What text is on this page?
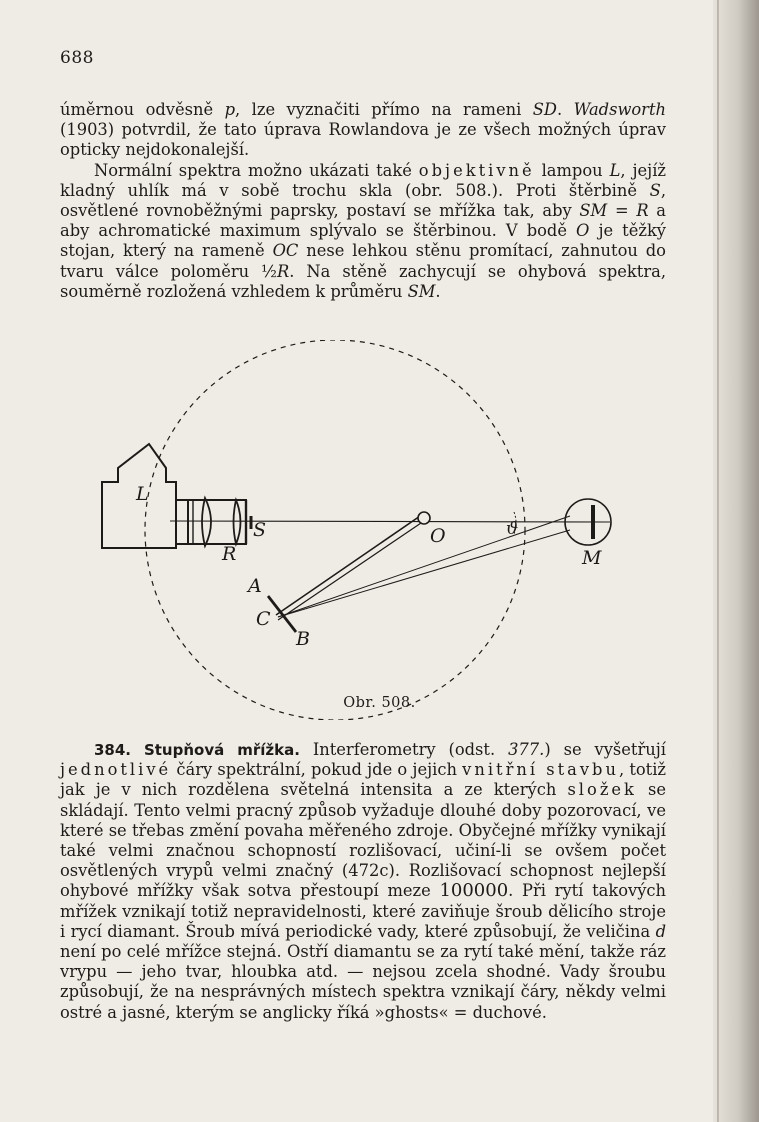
688

úměrnou odvěsně p, lze vyznačiti přímo na rameni SD. Wadsworth (1903) potvrdil, že tato úprava Rowlandova je ze všech možných úprav opticky nejdokonalejší.

Normální spektra možno ukázati také objektivně lampou L, jejíž kladný uhlík má v sobě trochu skla (obr. 508.). Proti štěrbině S, osvětlené rovnoběžnými paprsky, postaví se mřížka tak, aby SM = R a aby achromatické maximum splývalo se štěrbinou. V bodě O je těžký stojan, který na rameně OC nese lehkou stěnu promítací, zahnutou do tvaru válce poloměru ½R. Na stěně zachycují se ohybová spektra, souměrně rozložená vzhledem k průměru SM.

L
S
R
O
A
C
B
ϑ
M
Obr. 508.

384. Stupňová mřížka. Interferometry (odst. 377.) se vyšetřují jednotlivé čáry spektrální, pokud jde o jejich vnitřní stavbu, totiž jak je v nich rozdělena světelná intensita a ze kterých složek se skládají. Tento velmi pracný způsob vyžaduje dlouhé doby pozorovací, ve které se třebas změní povaha měřeného zdroje. Obyčejné mřížky vynikají také velmi značnou schopností rozlišovací, učiní-li se ovšem počet osvětlených vrypů velmi značný (472c). Rozlišovací schopnost nejlepší ohybové mřížky však sotva přestoupí meze 100000. Při rytí takových mřížek vznikají totiž nepravidelnosti, které zaviňuje šroub dělicího stroje i rycí diamant. Šroub mívá periodické vady, které způsobují, že veličina d není po celé mřížce stejná. Ostří diamantu se za rytí také mění, takže ráz vrypu — jeho tvar, hloubka atd. — nejsou zcela shodné. Vady šroubu způsobují, že na nesprávných místech spektra vznikají čáry, někdy velmi ostré a jasné, kterým se anglicky říká »ghosts« = duchové.
